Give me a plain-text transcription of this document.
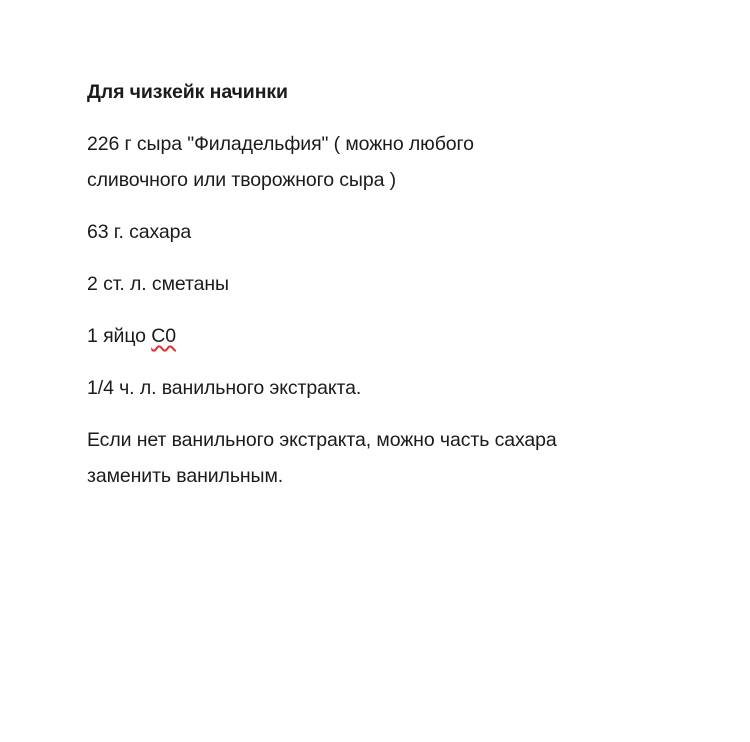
Для чизкейк начинки
226 г сыра "Филадельфия" ( можно любого сливочного или творожного сыра )
63 г. сахара
2 ст. л. сметаны
1 яйцо С0
1/4 ч. л. ванильного экстракта.
Если нет ванильного экстракта, можно часть сахара заменить ванильным.
